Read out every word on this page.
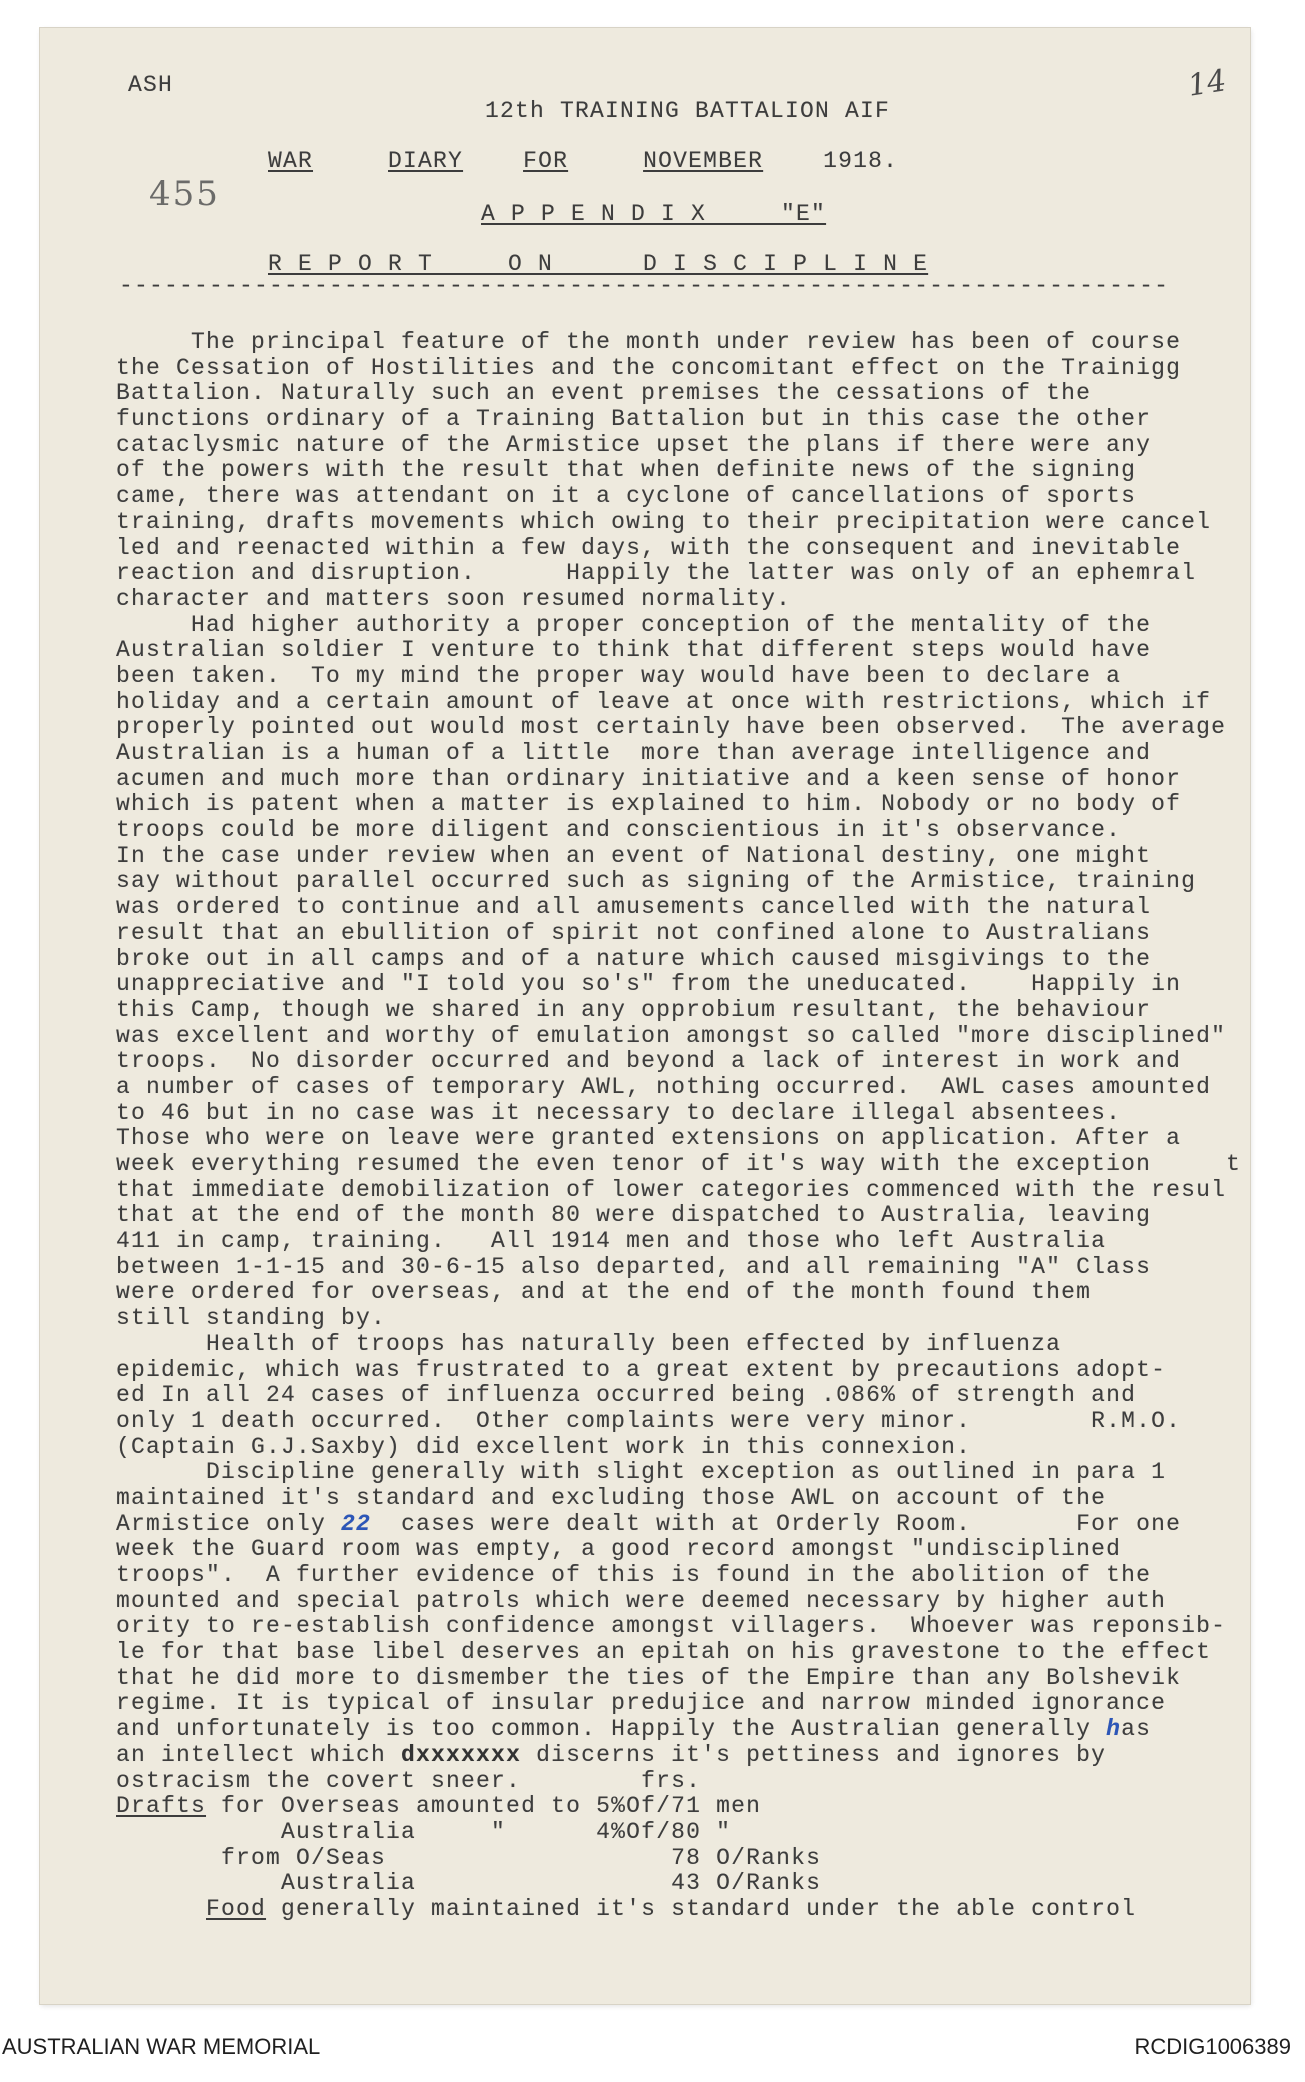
ASH	14
455
12th TRAINING BATTALION AIF
WAR	DIARY	FOR	NOVEMBER	1918.
A P P E N D I X     "E"
R E P O R T     O N      D I S C I P L I N E
----------------------------------------------------------------------
The principal feature of the month under review has been of course
the Cessation of Hostilities and the concomitant effect on the Trainigg
Battalion. Naturally such an event premises the cessations of the
functions ordinary of a Training Battalion but in this case the other
cataclysmic nature of the Armistice upset the plans if there were any
of the powers with the result that when definite news of the signing
came, there was attendant on it a cyclone of cancellations of sports
training, drafts movements which owing to their precipitation were cancel
led and reenacted within a few days, with the consequent and inevitable
reaction and disruption.      Happily the latter was only of an ephemral
character and matters soon resumed normality.
Had higher authority a proper conception of the mentality of the
Australian soldier I venture to think that different steps would have
been taken.  To my mind the proper way would have been to declare a
holiday and a certain amount of leave at once with restrictions, which if
properly pointed out would most certainly have been observed.  The average
Australian is a human of a little  more than average intelligence and
acumen and much more than ordinary initiative and a keen sense of honor
which is patent when a matter is explained to him. Nobody or no body of
troops could be more diligent and conscientious in it's observance.
In the case under review when an event of National destiny, one might
say without parallel occurred such as signing of the Armistice, training
was ordered to continue and all amusements cancelled with the natural
result that an ebullition of spirit not confined alone to Australians
broke out in all camps and of a nature which caused misgivings to the
unappreciative and "I told you so's" from the uneducated.    Happily in
this Camp, though we shared in any opprobium resultant, the behaviour
was excellent and worthy of emulation amongst so called "more disciplined"
troops.  No disorder occurred and beyond a lack of interest in work and
a number of cases of temporary AWL, nothing occurred.  AWL cases amounted
to 46 but in no case was it necessary to declare illegal absentees.
Those who were on leave were granted extensions on application. After a
week everything resumed the even tenor of it's way with the exception     t
that immediate demobilization of lower categories commenced with the resul
that at the end of the month 80 were dispatched to Australia, leaving
411 in camp, training.   All 1914 men and those who left Australia
between 1-1-15 and 30-6-15 also departed, and all remaining "A" Class
were ordered for overseas, and at the end of the month found them
still standing by.
Health of troops has naturally been effected by influenza
epidemic, which was frustrated to a great extent by precautions adopt-
ed In all 24 cases of influenza occurred being .086% of strength and
only 1 death occurred.  Other complaints were very minor.        R.M.O.
(Captain G.J.Saxby) did excellent work in this connexion.
Discipline generally with slight exception as outlined in para 1
maintained it's standard and excluding those AWL on account of the
Armistice only 22  cases were dealt with at Orderly Room.       For one
week the Guard room was empty, a good record amongst "undisciplined
troops".  A further evidence of this is found in the abolition of the
mounted and special patrols which were deemed necessary by higher auth
ority to re-establish confidence amongst villagers.  Whoever was reponsib-
le for that base libel deserves an epitah on his gravestone to the effect
that he did more to dismember the ties of the Empire than any Bolshevik
regime. It is typical of insular predujice and narrow minded ignorance
and unfortunately is too common. Happily the Australian generally has
an intellect which dxxxxxxx discerns it's pettiness and ignores by
ostracism the covert sneer.        frs.
Drafts for Overseas amounted to 5%Of/71 men
Australia     "      4%Of/80 "
from O/Seas                   78 O/Ranks
Australia                 43 O/Ranks
Food generally maintained it's standard under the able control
AUSTRALIAN WAR MEMORIAL	RCDIG1006389
